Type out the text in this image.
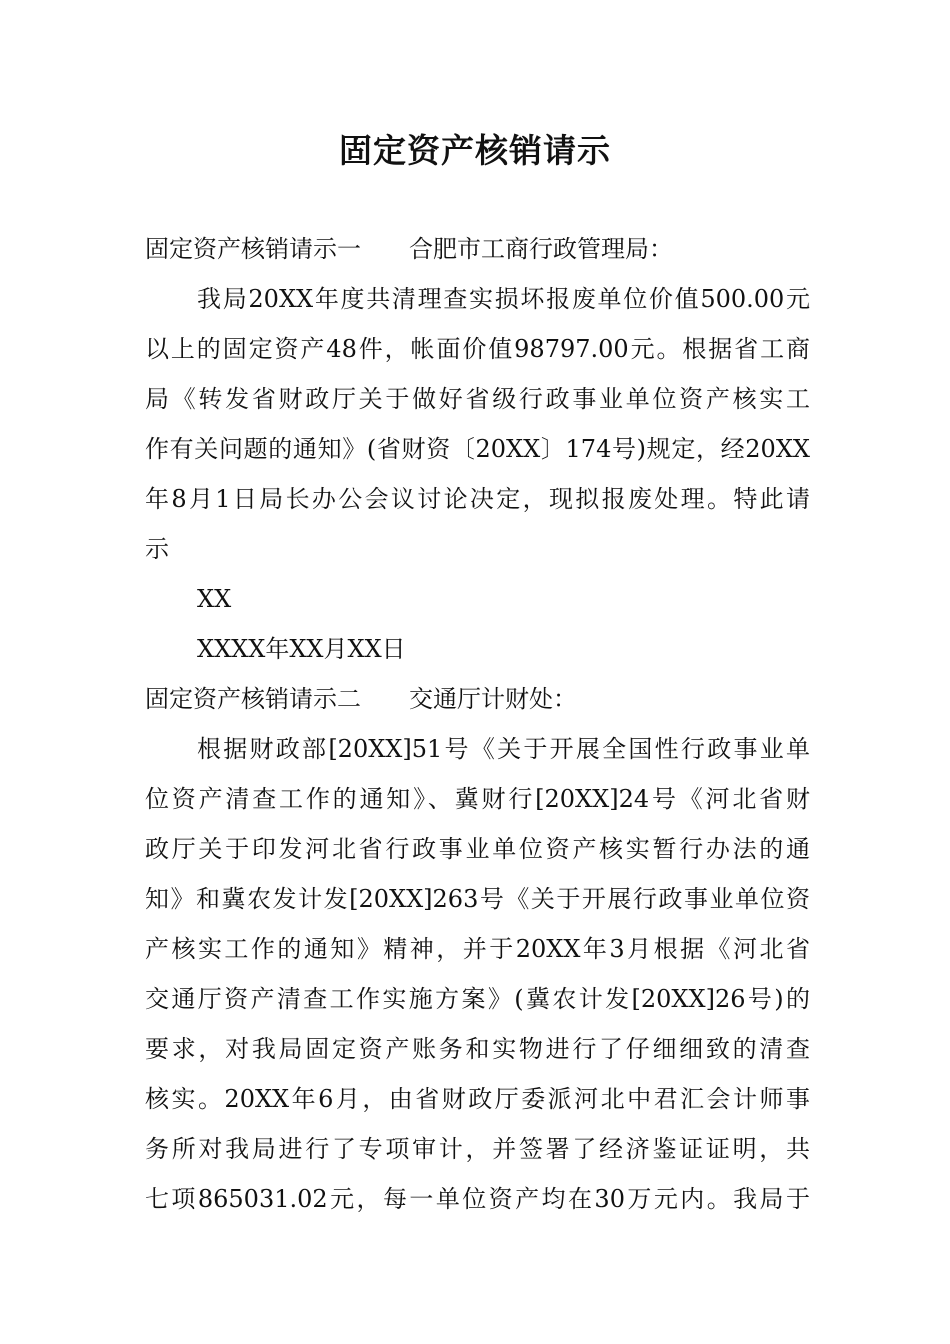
固定资产核销请示
固定资产核销请示一 合肥市工商行政管理局：
我局20XX年度共清理查实损坏报废单位价值500.00元
以上的固定资产48件，帐面价值98797.00元。根据省工商
局《转发省财政厅关于做好省级行政事业单位资产核实工
作有关问题的通知》(省财资〔20XX〕174号)规定，经20XX
年8月1日局长办公会议讨论决定，现拟报废处理。特此请
示
XX
XXXX年XX月XX日
固定资产核销请示二 交通厅计财处：
根据财政部[20XX]51号《关于开展全国性行政事业单
位资产清查工作的通知》、冀财行[20XX]24号《河北省财
政厅关于印发河北省行政事业单位资产核实暂行办法的通
知》和冀农发计发[20XX]263号《关于开展行政事业单位资
产核实工作的通知》精神，并于20XX年3月根据《河北省
交通厅资产清查工作实施方案》(冀农计发[20XX]26号)的
要求，对我局固定资产账务和实物进行了仔细细致的清查
核实。20XX年6月，由省财政厅委派河北中君汇会计师事
务所对我局进行了专项审计，并签署了经济鉴证证明，共
七项865031.02元，每一单位资产均在30万元内。我局于
